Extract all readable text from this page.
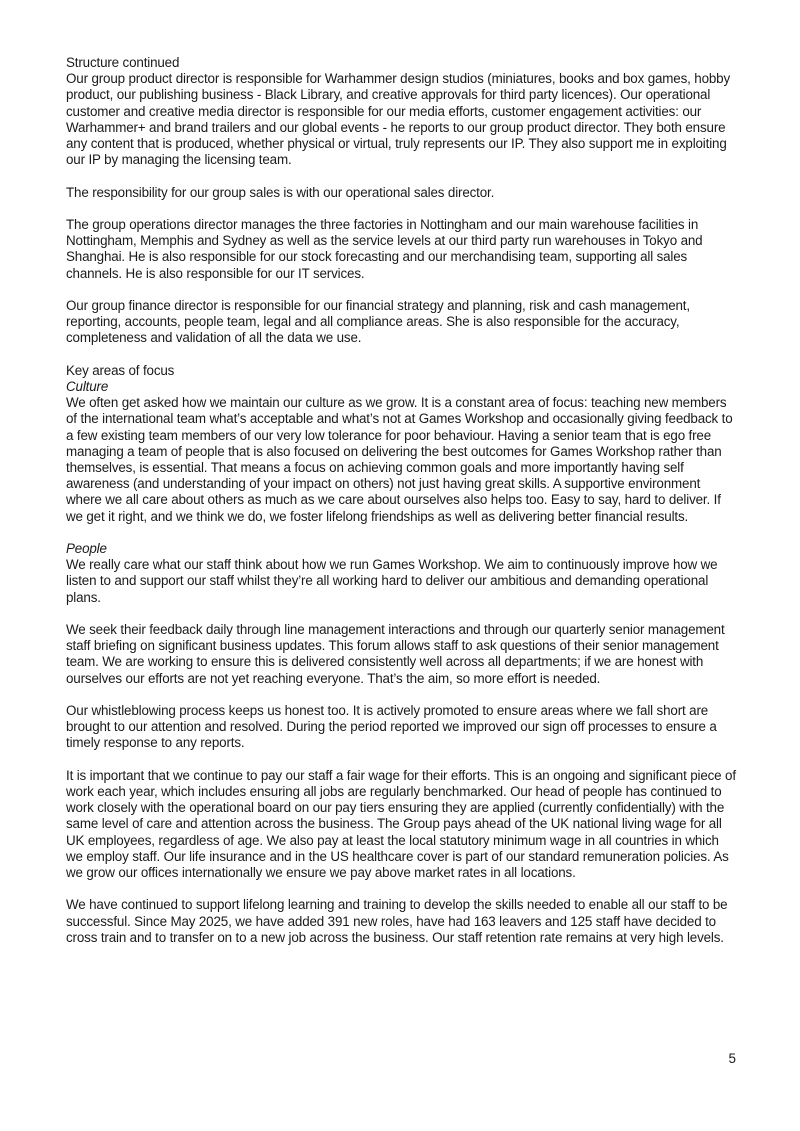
Structure continued

Our group product director is responsible for Warhammer design studios (miniatures, books and box games, hobby product, our publishing business - Black Library, and creative approvals for third party licences). Our operational customer and creative media director is responsible for our media efforts, customer engagement activities: our Warhammer+ and brand trailers and our global events - he reports to our group product director. They both ensure any content that is produced, whether physical or virtual, truly represents our IP. They also support me in exploiting our IP by managing the licensing team.

The responsibility for our group sales is with our operational sales director.

The group operations director manages the three factories in Nottingham and our main warehouse facilities in Nottingham, Memphis and Sydney as well as the service levels at our third party run warehouses in Tokyo and Shanghai. He is also responsible for our stock forecasting and our merchandising team, supporting all sales channels. He is also responsible for our IT services.

Our group finance director is responsible for our financial strategy and planning, risk and cash management, reporting, accounts, people team, legal and all compliance areas. She is also responsible for the accuracy, completeness and validation of all the data we use.

Key areas of focus
Culture

We often get asked how we maintain our culture as we grow. It is a constant area of focus: teaching new members of the international team what’s acceptable and what’s not at Games Workshop and occasionally giving feedback to a few existing team members of our very low tolerance for poor behaviour. Having a senior team that is ego free managing a team of people that is also focused on delivering the best outcomes for Games Workshop rather than themselves, is essential. That means a focus on achieving common goals and more importantly having self awareness (and understanding of your impact on others) not just having great skills. A supportive environment where we all care about others as much as we care about ourselves also helps too. Easy to say, hard to deliver. If we get it right, and we think we do, we foster lifelong friendships as well as delivering better financial results.

People

We really care what our staff think about how we run Games Workshop. We aim to continuously improve how we listen to and support our staff whilst they’re all working hard to deliver our ambitious and demanding operational plans.

We seek their feedback daily through line management interactions and through our quarterly senior management staff briefing on significant business updates. This forum allows staff to ask questions of their senior management team. We are working to ensure this is delivered consistently well across all departments; if we are honest with ourselves our efforts are not yet reaching everyone. That’s the aim, so more effort is needed.

Our whistleblowing process keeps us honest too. It is actively promoted to ensure areas where we fall short are brought to our attention and resolved. During the period reported we improved our sign off processes to ensure a timely response to any reports.

It is important that we continue to pay our staff a fair wage for their efforts. This is an ongoing and significant piece of work each year, which includes ensuring all jobs are regularly benchmarked. Our head of people has continued to work closely with the operational board on our pay tiers ensuring they are applied (currently confidentially) with the same level of care and attention across the business. The Group pays ahead of the UK national living wage for all UK employees, regardless of age. We also pay at least the local statutory minimum wage in all countries in which we employ staff. Our life insurance and in the US healthcare cover is part of our standard remuneration policies. As we grow our offices internationally we ensure we pay above market rates in all locations.

We have continued to support lifelong learning and training to develop the skills needed to enable all our staff to be successful. Since May 2025, we have added 391 new roles, have had 163 leavers and 125 staff have decided to cross train and to transfer on to a new job across the business. Our staff retention rate remains at very high levels.

5
